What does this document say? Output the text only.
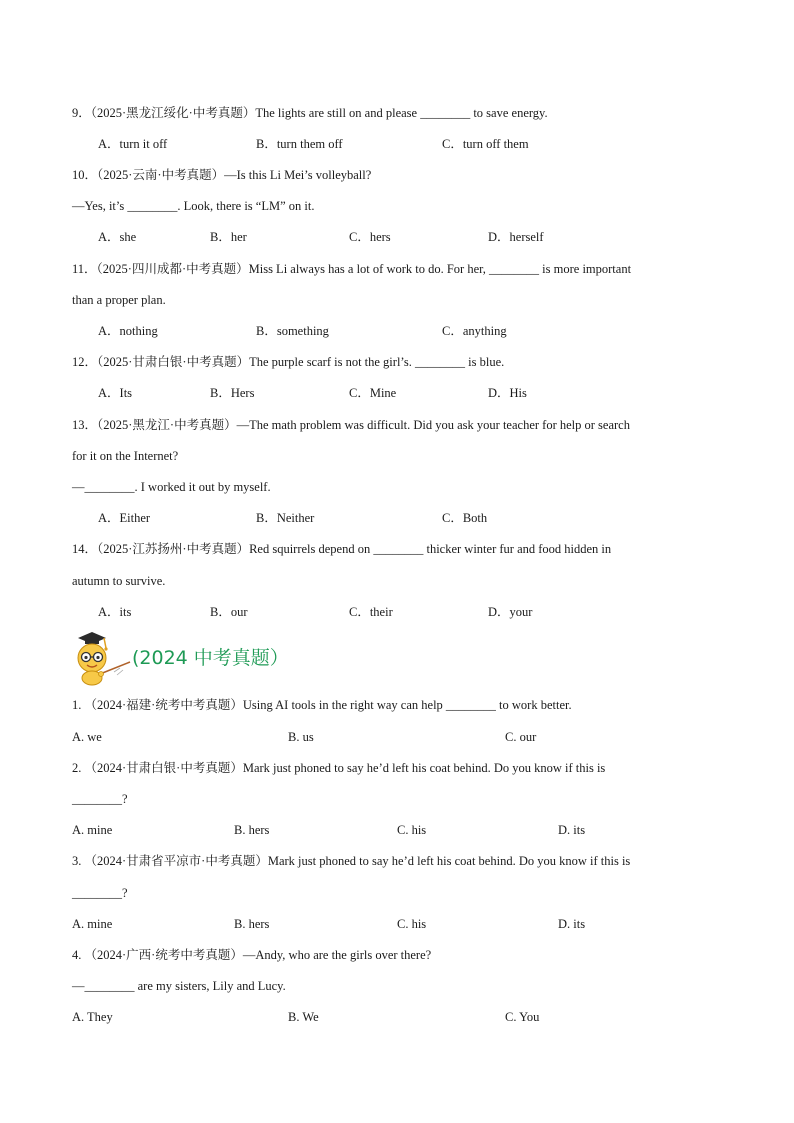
9．（2025·黑龙江绥化·中考真题）The lights are still on and please ________ to save energy.
A．turn it off	B．turn them off	C．turn off them
10．（2025·云南·中考真题）—Is this Li Mei’s volleyball?
—Yes, it’s ________. Look, there is “LM” on it.
A．she	B．her	C．hers	D．herself
11．（2025·四川成都·中考真题）Miss Li always has a lot of work to do. For her, ________ is more important
than a proper plan.
A．nothing	B．something	C．anything
12．（2025·甘肃白银·中考真题）The purple scarf is not the girl’s. ________ is blue.
A．Its	B．Hers	C．Mine	D．His
13．（2025·黑龙江·中考真题）—The math problem was difficult. Did you ask your teacher for help or search
for it on the Internet?
—________. I worked it out by myself.
A．Either	B．Neither	C．Both
14．（2025·江苏扬州·中考真题）Red squirrels depend on ________ thicker winter fur and food hidden in
autumn to survive.
A．its	B．our	C．their	D．your
(2024 中考真题）
1. （2024·福建·统考中考真题）Using AI tools in the right way can help ________ to work better.
A. we	B. us	C. our
2. （2024·甘肃白银·中考真题）Mark just phoned to say he’d left his coat behind. Do you know if this is
________?
A. mine	B. hers	C. his	D. its
3. （2024·甘肃省平凉市·中考真题）Mark just phoned to say he’d left his coat behind. Do you know if this is
________?
A. mine	B. hers	C. his	D. its
4. （2024·广西·统考中考真题）—Andy, who are the girls over there?
—________ are my sisters, Lily and Lucy.
A. They	B. We	C. You
